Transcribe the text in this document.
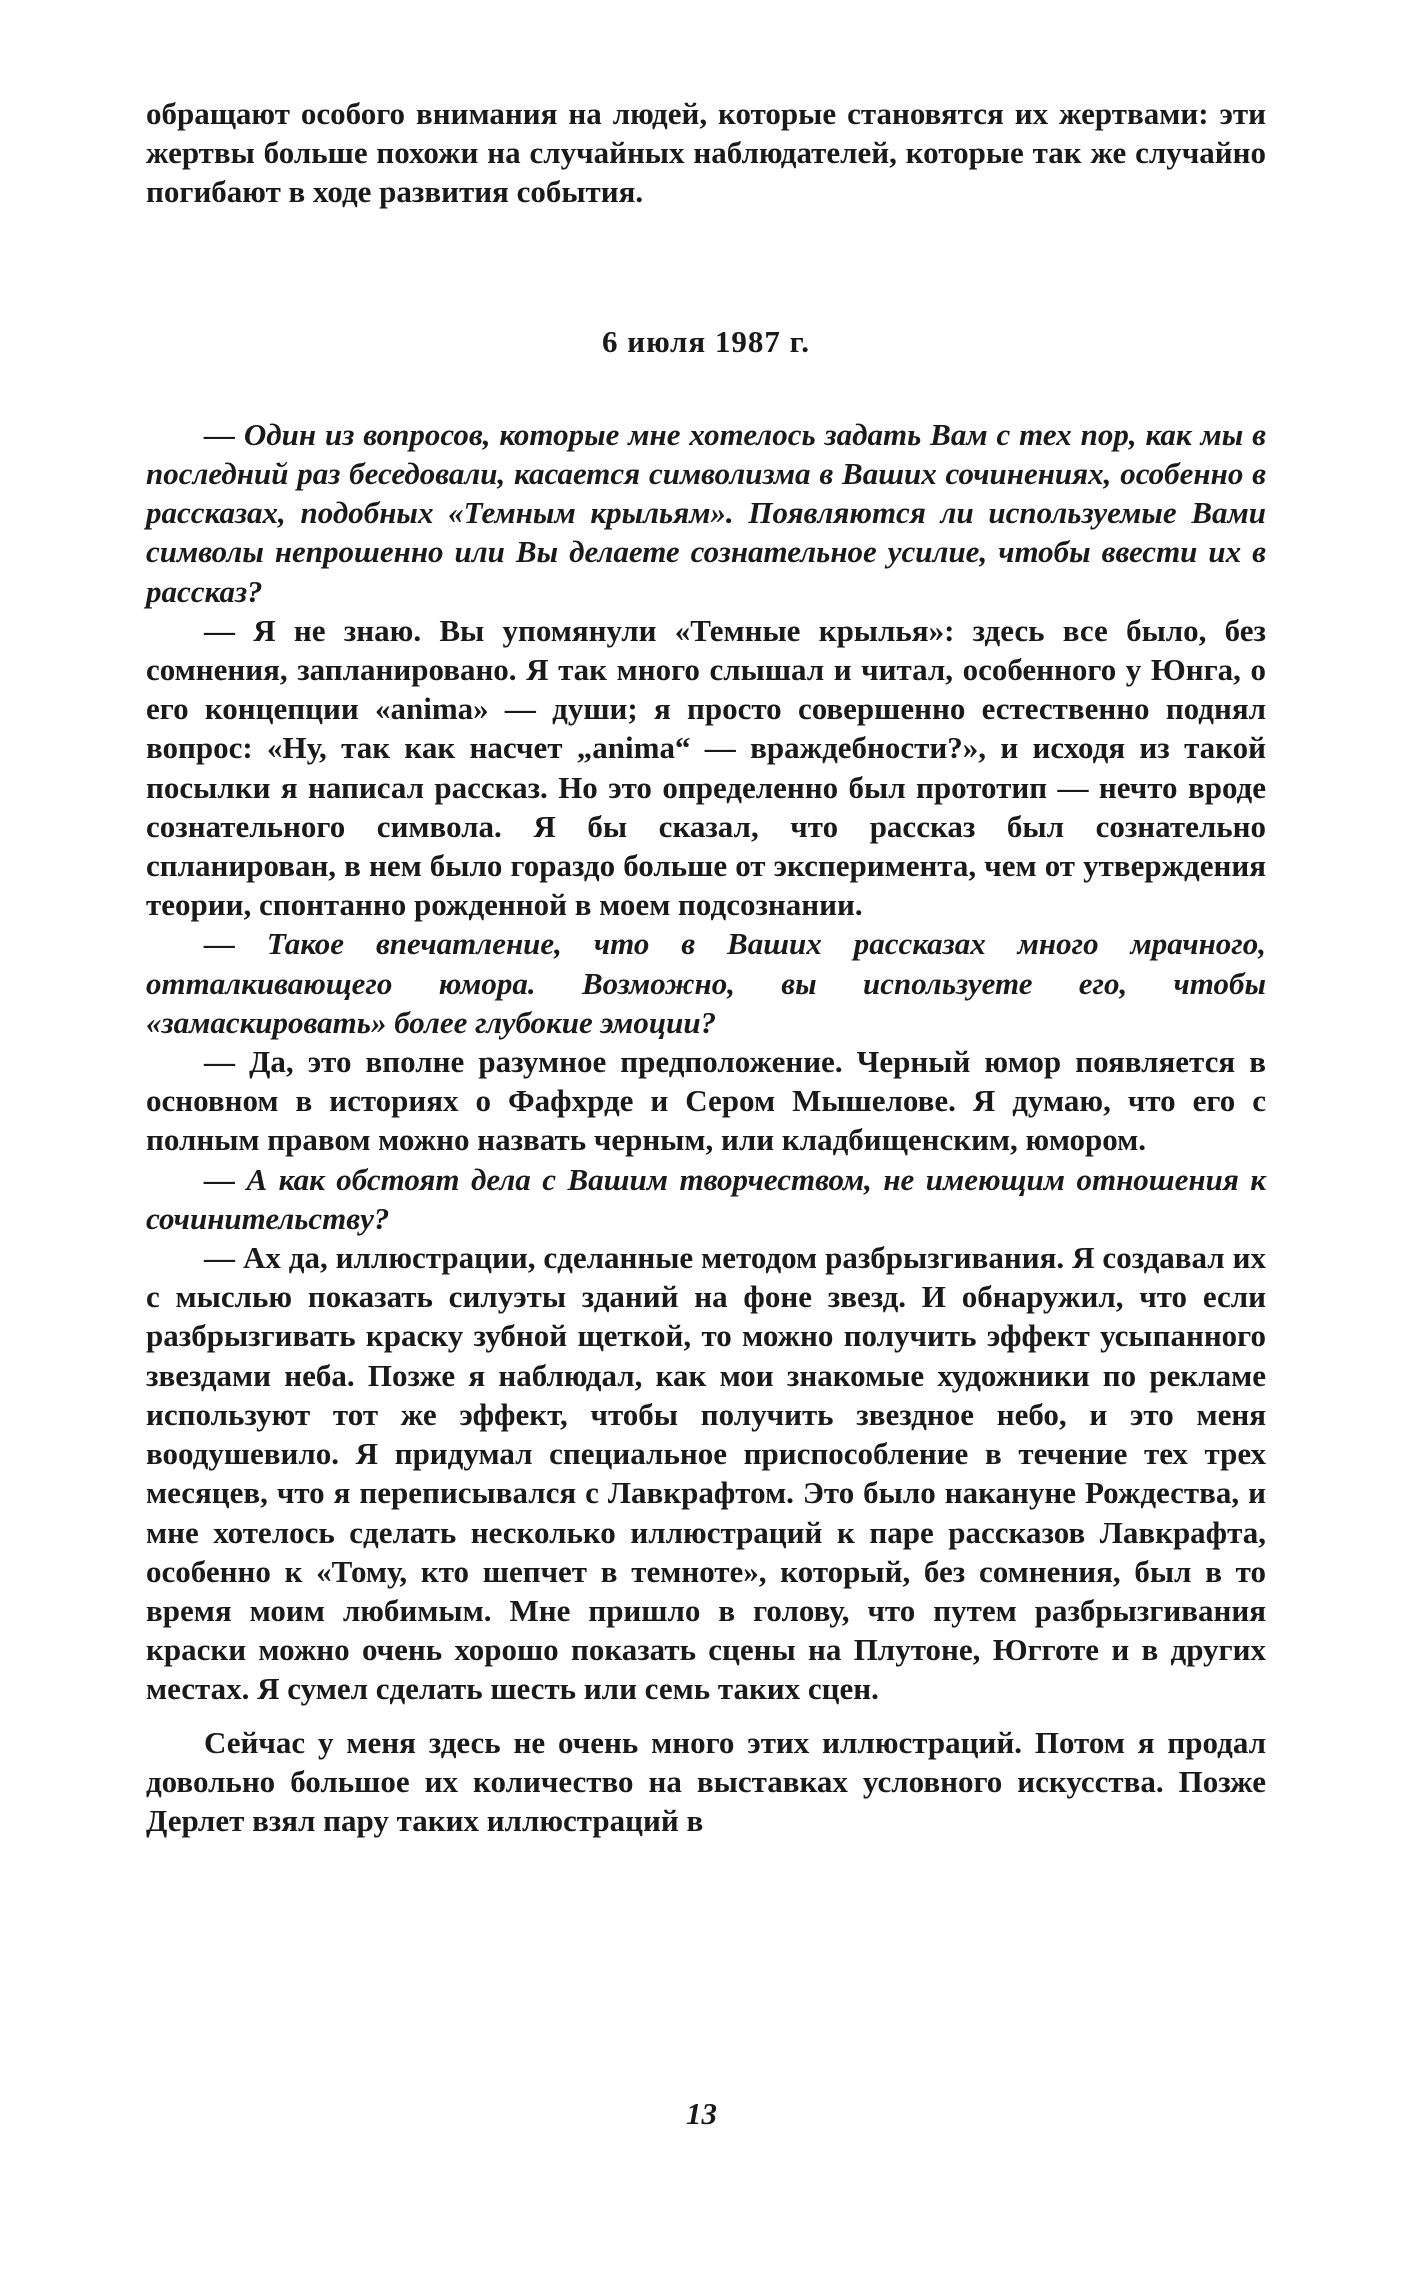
обращают особого внимания на людей, которые становятся их жертвами: эти жертвы больше похожи на случайных наблюдателей, которые так же случайно погибают в ходе развития события.

6 июля 1987 г.

— Один из вопросов, которые мне хотелось задать Вам с тех пор, как мы в последний раз беседовали, касается символизма в Ваших сочинениях, особенно в рассказах, подобных «Темным крыльям». Появляются ли используемые Вами символы непрошенно или Вы делаете сознательное усилие, чтобы ввести их в рассказ?

— Я не знаю. Вы упомянули «Темные крылья»: здесь все было, без сомнения, запланировано. Я так много слышал и читал, особенного у Юнга, о его концепции «anima» — души; я просто совершенно естественно поднял вопрос: «Ну, так как насчет „anima“ — враждебности?», и исходя из такой посылки я написал рассказ. Но это определенно был прототип — нечто вроде сознательного символа. Я бы сказал, что рассказ был сознательно спланирован, в нем было гораздо больше от эксперимента, чем от утверждения теории, спонтанно рожденной в моем подсознании.

— Такое впечатление, что в Ваших рассказах много мрачного, отталкивающего юмора. Возможно, вы используете его, чтобы «замаскировать» более глубокие эмоции?

— Да, это вполне разумное предположение. Черный юмор появляется в основном в историях о Фафхрде и Сером Мышелове. Я думаю, что его с полным правом можно назвать черным, или кладбищенским, юмором.

— А как обстоят дела с Вашим творчеством, не имеющим отношения к сочинительству?

— Ах да, иллюстрации, сделанные методом разбрызгивания. Я создавал их с мыслью показать силуэты зданий на фоне звезд. И обнаружил, что если разбрызгивать краску зубной щеткой, то можно получить эффект усыпанного звездами неба. Позже я наблюдал, как мои знакомые художники по рекламе используют тот же эффект, чтобы получить звездное небо, и это меня воодушевило. Я придумал специальное приспособление в течение тех трех месяцев, что я переписывался с Лавкрафтом. Это было накануне Рождества, и мне хотелось сделать несколько иллюстраций к паре рассказов Лавкрафта, особенно к «Тому, кто шепчет в темноте», который, без сомнения, был в то время моим любимым. Мне пришло в голову, что путем разбрызгивания краски можно очень хорошо показать сцены на Плутоне, Югготе и в других местах. Я сумел сделать шесть или семь таких сцен.

Сейчас у меня здесь не очень много этих иллюстраций. Потом я продал довольно большое их количество на выставках условного искусства. Позже Дерлет взял пару таких иллюстраций в

13
